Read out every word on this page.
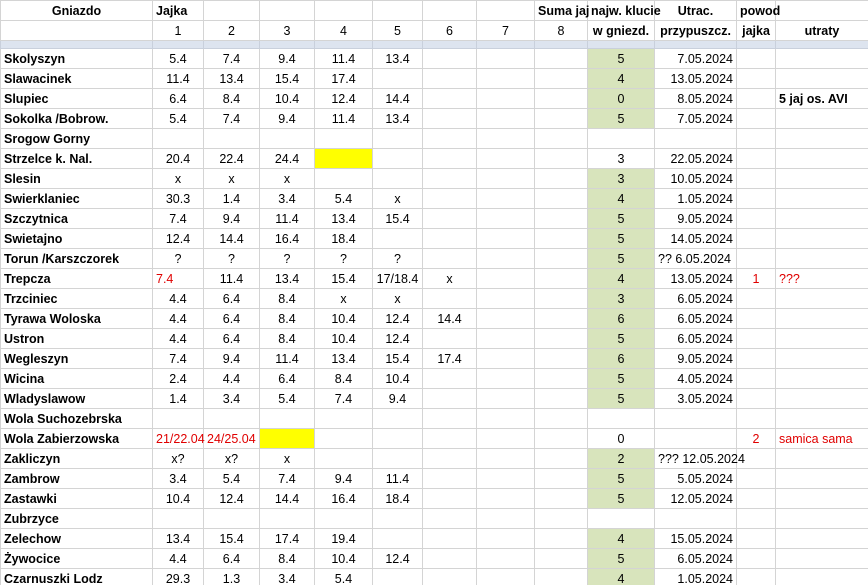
Gniazdo	Jajka							Suma jaj	najw. klucie	Utrac.	powod	
	1	2	3	4	5	6	7	8	w gniezd.	przypuszcz.	jajka	utraty

Skolyszyn	5.4	7.4	9.4	11.4	13.4				5	7.05.2024		
Slawacinek	11.4	13.4	15.4	17.4					4	13.05.2024		
Slupiec	6.4	8.4	10.4	12.4	14.4				0	8.05.2024		5 jaj os. AVI
Sokolka /Bobrow.	5.4	7.4	9.4	11.4	13.4				5	7.05.2024		
Srogow Gorny												
Strzelce k. Nal.	20.4	22.4	24.4						3	22.05.2024		
Slesin	x	x	x						3	10.05.2024		
Swierklaniec	30.3	1.4	3.4	5.4	x				4	1.05.2024		
Szczytnica	7.4	9.4	11.4	13.4	15.4				5	9.05.2024		
Swietajno	12.4	14.4	16.4	18.4					5	14.05.2024		
Torun /Karszczorek	?	?	?	?	?				5	?? 6.05.2024		
Trepcza	7.4	11.4	13.4	15.4	17/18.4	x			4	13.05.2024	1	???
Trzciniec	4.4	6.4	8.4	x	x				3	6.05.2024		
Tyrawa Woloska	4.4	6.4	8.4	10.4	12.4	14.4			6	6.05.2024		
Ustron	4.4	6.4	8.4	10.4	12.4				5	6.05.2024		
Wegleszyn	7.4	9.4	11.4	13.4	15.4	17.4			6	9.05.2024		
Wicina	2.4	4.4	6.4	8.4	10.4				5	4.05.2024		
Wladyslawow	1.4	3.4	5.4	7.4	9.4				5	3.05.2024		
Wola Suchozebrska												
Wola Zabierzowska	21/22.04	24/25.04							0		2	samica sama
Zakliczyn	x?	x?	x						2	??? 12.05.2024		
Zambrow	3.4	5.4	7.4	9.4	11.4				5	5.05.2024		
Zastawki	10.4	12.4	14.4	16.4	18.4				5	12.05.2024		
Zubrzyce												
Zelechow	13.4	15.4	17.4	19.4					4	15.05.2024		
Żywocice	4.4	6.4	8.4	10.4	12.4				5	6.05.2024		
Czarnuszki Lodz	29.3	1.3	3.4	5.4					4	1.05.2024		
